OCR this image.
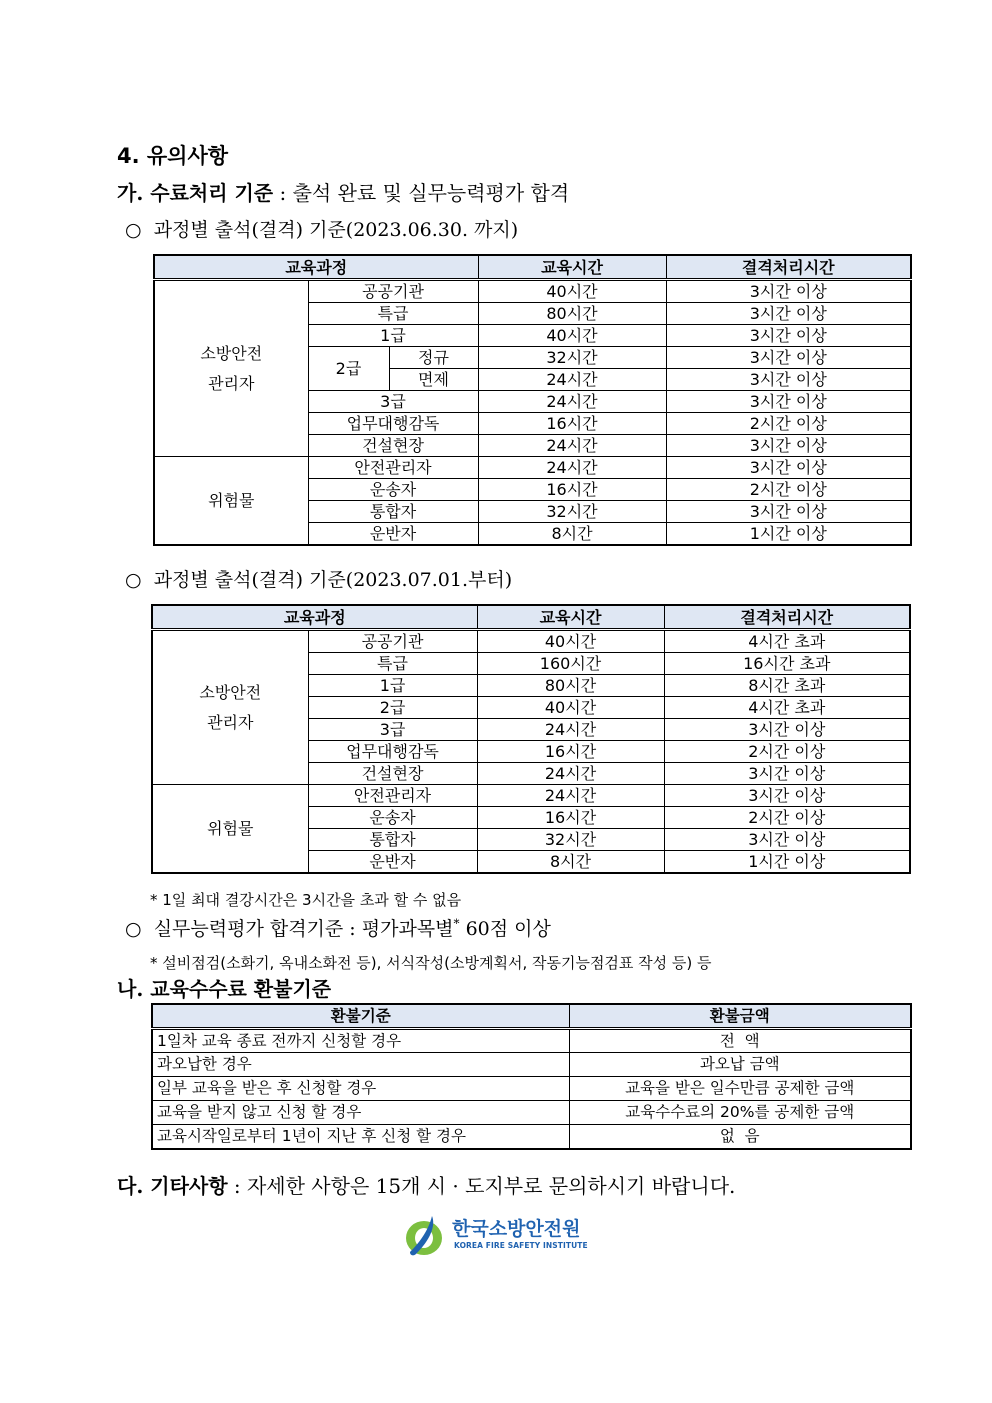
4. 유의사항
가. 수료처리 기준 : 출석 완료 및 실무능력평가 합격
○ 과정별 출석(결격) 기준(2023.06.30. 까지)
교육과정			교육시간	결격처리시간

소방안전
관리자	공공기관		40시간	3시간 이상
	특급		80시간	3시간 이상
	1급		40시간	3시간 이상
	2급	정규	32시간	3시간 이상
		면제	24시간	3시간 이상
	3급		24시간	3시간 이상
	업무대행감독		16시간	2시간 이상
	건설현장		24시간	3시간 이상
위험물	안전관리자		24시간	3시간 이상
	운송자		16시간	2시간 이상
	통합자		32시간	3시간 이상
	운반자		8시간	1시간 이상
○ 과정별 출석(결격) 기준(2023.07.01.부터)
교육과정		교육시간	결격처리시간

소방안전
관리자	공공기관	40시간	4시간 초과
	특급	160시간	16시간 초과
	1급	80시간	8시간 초과
	2급	40시간	4시간 초과
	3급	24시간	3시간 이상
	업무대행감독	16시간	2시간 이상
	건설현장	24시간	3시간 이상
위험물	안전관리자	24시간	3시간 이상
	운송자	16시간	2시간 이상
	통합자	32시간	3시간 이상
	운반자	8시간	1시간 이상
* 1일 최대 결강시간은 3시간을 초과 할 수 없음
○ 실무능력평가 합격기준 : 평가과목별* 60점 이상
* 설비점검(소화기, 옥내소화전 등), 서식작성(소방계획서, 작동기능점검표 작성 등) 등
나. 교육수수료 환불기준
환불기준	환불금액
1일차 교육 종료 전까지 신청할 경우	전  액
과오납한 경우	과오납 금액
일부 교육을 받은 후 신청할 경우	교육을 받은 일수만큼 공제한 금액
교육을 받지 않고 신청 할 경우	교육수수료의 20%를 공제한 금액
교육시작일로부터 1년이 지난 후 신청 할 경우	없  음
다. 기타사항 : 자세한 사항은 15개 시 · 도지부로 문의하시기 바랍니다.
한국소방안전원
KOREA FIRE SAFETY INSTITUTE
